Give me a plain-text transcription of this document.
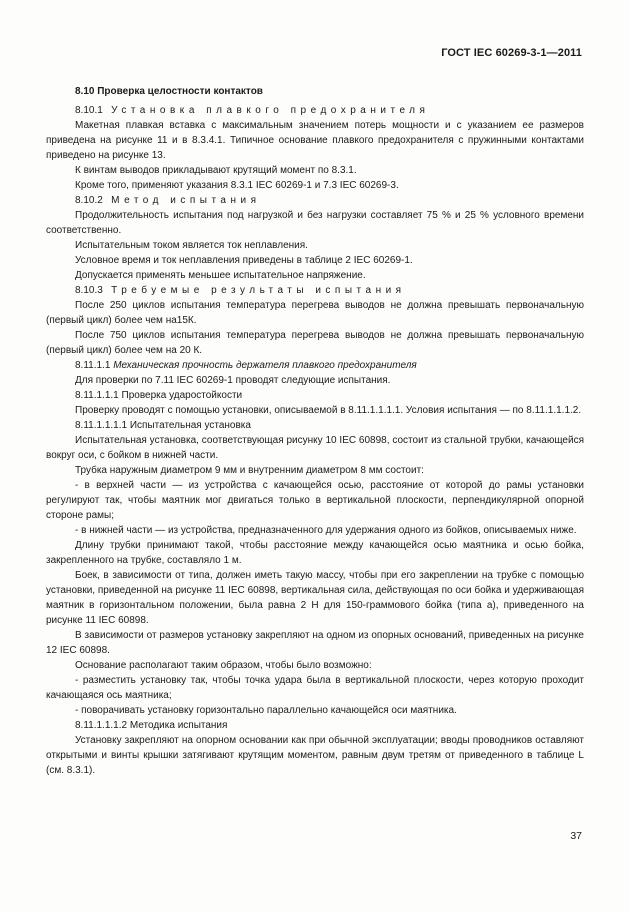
ГОСТ IEC 60269-3-1—2011

8.10 Проверка целостности контактов

8.10.1 Установка плавкого предохранителя

Макетная плавкая вставка с максимальным значением потерь мощности и с указанием ее размеров приведена на рисунке 11 и в 8.3.4.1. Типичное основание плавкого предохранителя с пружинными контактами приведено на рисунке 13.

К винтам выводов прикладывают крутящий момент по 8.3.1.

Кроме того, применяют указания 8.3.1 IEC 60269-1 и 7.3 IEC 60269-3.

8.10.2 Метод испытания

Продолжительность испытания под нагрузкой и без нагрузки составляет 75 % и 25 % условного времени соответственно.

Испытательным током является ток неплавления.

Условное время и ток неплавления приведены в таблице 2 IEC 60269-1.

Допускается применять меньшее испытательное напряжение.

8.10.3 Требуемые результаты испытания

После 250 циклов испытания температура перегрева выводов не должна превышать первоначальную (первый цикл) более чем на15К.

После 750 циклов испытания температура перегрева выводов не должна превышать первоначальную (первый цикл) более чем на 20 К.

8.11.1.1 Механическая прочность держателя плавкого предохранителя

Для проверки по 7.11 IEC 60269-1 проводят следующие испытания.

8.11.1.1.1 Проверка ударостойкости

Проверку проводят с помощью установки, описываемой в 8.11.1.1.1.1. Условия испытания — по 8.11.1.1.1.2.

8.11.1.1.1.1 Испытательная установка

Испытательная установка, соответствующая рисунку 10 IEC 60898, состоит из стальной трубки, качающейся вокруг оси, с бойком в нижней части.

Трубка наружным диаметром 9 мм и внутренним диаметром 8 мм состоит:

- в верхней части — из устройства с качающейся осью, расстояние от которой до рамы установки регулируют так, чтобы маятник мог двигаться только в вертикальной плоскости, перпендикулярной опорной стороне рамы;

- в нижней части — из устройства, предназначенного для удержания одного из бойков, описываемых ниже.

Длину трубки принимают такой, чтобы расстояние между качающейся осью маятника и осью бойка, закрепленного на трубке, составляло 1 м.

Боек, в зависимости от типа, должен иметь такую массу, чтобы при его закреплении на трубке с помощью установки, приведенной на рисунке 11 IEC 60898, вертикальная сила, действующая по оси бойка и удерживающая маятник в горизонтальном положении, была равна 2 Н для 150-граммового бойка (типа а), приведенного на рисунке 11 IEC 60898.

В зависимости от размеров установку закрепляют на одном из опорных оснований, приведенных на рисунке 12 IEC 60898.

Основание располагают таким образом, чтобы было возможно:

- разместить установку так, чтобы точка удара была в вертикальной плоскости, через которую проходит качающаяся ось маятника;

- поворачивать установку горизонтально параллельно качающейся оси маятника.

8.11.1.1.1.2 Методика испытания

Установку закрепляют на опорном основании как при обычной эксплуатации; вводы проводников оставляют открытыми и винты крышки затягивают крутящим моментом, равным двум третям от приведенного в таблице L (см. 8.3.1).

37
